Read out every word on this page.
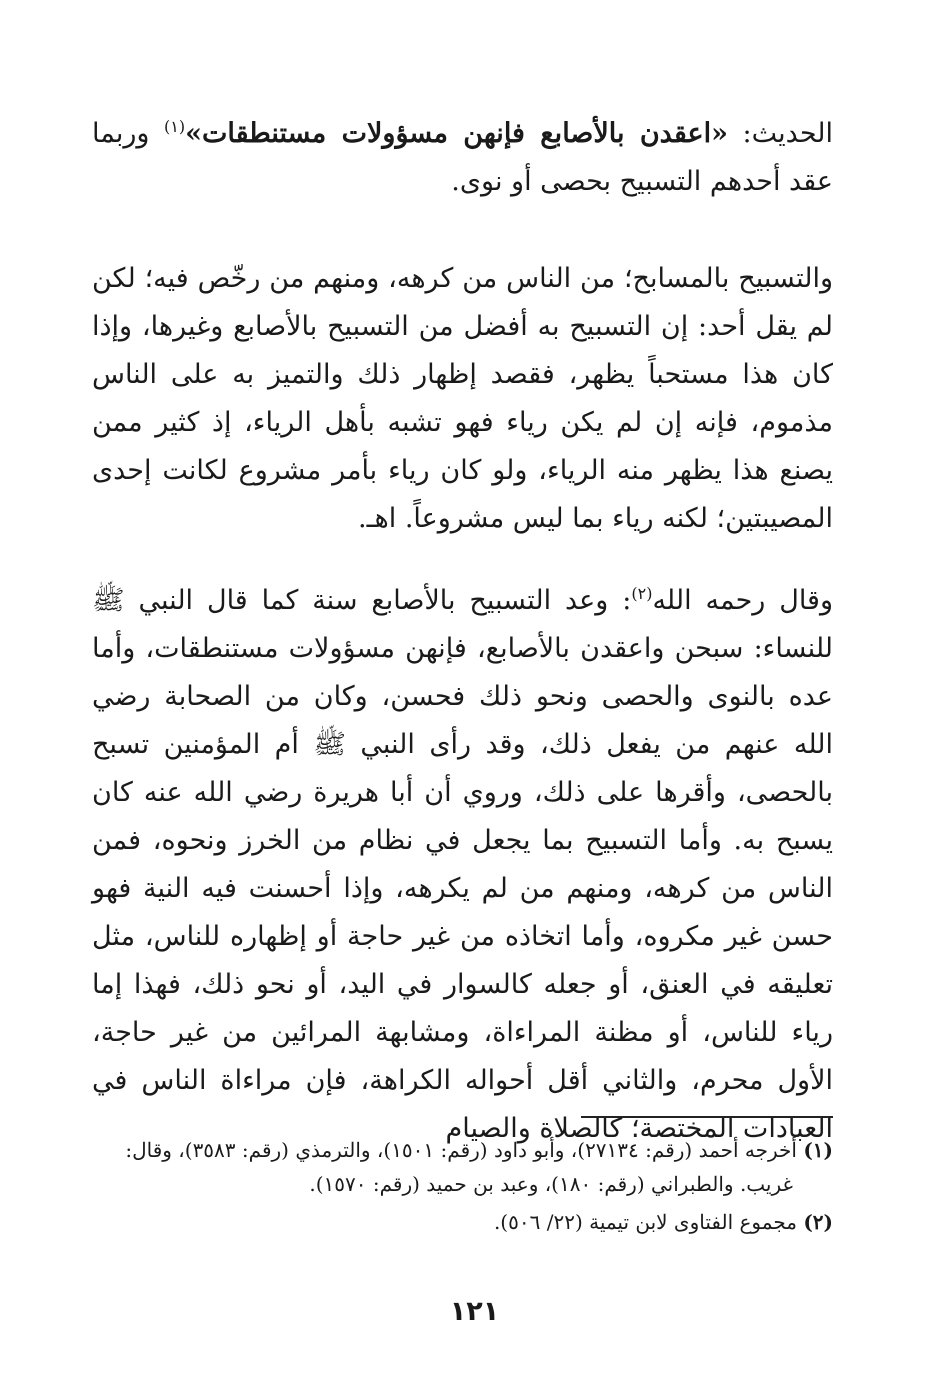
الحديث: «اعقدن بالأصابع فإنهن مسؤولات مستنطقات»$^{(١)}$ وربما عقد أحدهم التسبيح بحصى أو نوى.
والتسبيح بالمسابح؛ من الناس من كرهه، ومنهم من رخّص فيه؛ لكن لم يقل أحد: إن التسبيح به أفضل من التسبيح بالأصابع وغيرها، وإذا كان هذا مستحباً يظهر، فقصد إظهار ذلك والتميز به على الناس مذموم، فإنه إن لم يكن رياء فهو تشبه بأهل الرياء، إذ كثير ممن يصنع هذا يظهر منه الرياء، ولو كان رياء بأمر مشروع لكانت إحدى المصيبتين؛ لكنه رياء بما ليس مشروعاً. اهـ.
وقال رحمه الله$^{(٢)}$: وعد التسبيح بالأصابع سنة كما قال النبي ﷺ للنساء: سبحن واعقدن بالأصابع، فإنهن مسؤولات مستنطقات، وأما عده بالنوى والحصى ونحو ذلك فحسن، وكان من الصحابة رضي الله عنهم من يفعل ذلك، وقد رأى النبي ﷺ أم المؤمنين تسبح بالحصى، وأقرها على ذلك، وروي أن أبا هريرة رضي الله عنه كان يسبح به. وأما التسبيح بما يجعل في نظام من الخرز ونحوه، فمن الناس من كرهه، ومنهم من لم يكرهه، وإذا أحسنت فيه النية فهو حسن غير مكروه، وأما اتخاذه من غير حاجة أو إظهاره للناس، مثل تعليقه في العنق، أو جعله كالسوار في اليد، أو نحو ذلك، فهذا إما رياء للناس، أو مظنة المراءاة، ومشابهة المرائين من غير حاجة، الأول محرم، والثاني أقل أحواله الكراهة، فإن مراءاة الناس في العبادات المختصة؛ كالصلاة والصيام

(١) أخرجه أحمد (رقم: ٢٧١٣٤)، وأبو داود (رقم: ١٥٠١)، والترمذي (رقم: ٣٥٨٣)، وقال: غريب. والطبراني (رقم: ١٨٠)، وعبد بن حميد (رقم: ١٥٧٠).

(٢) مجموع الفتاوى لابن تيمية (٢٢/ ٥٠٦).

١٢١
